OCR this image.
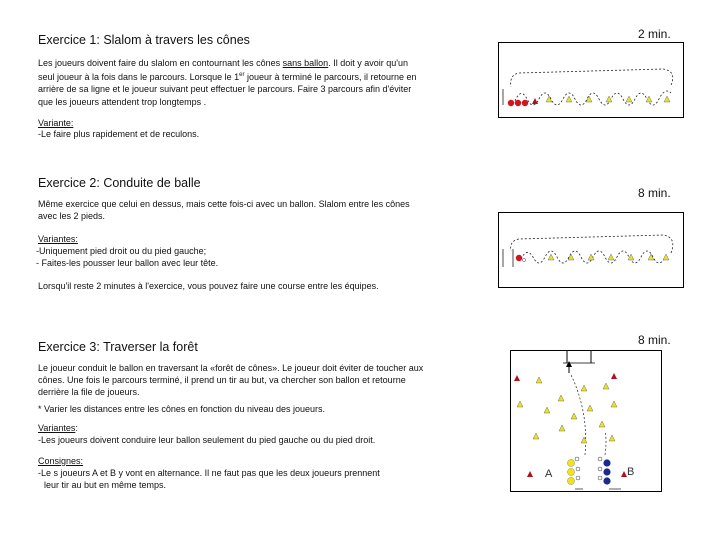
Exercice 1: Slalom à travers les cônes	2 min.
Les joueurs doivent faire du slalom en contournant les cônes sans ballon. Il doit y avoir qu'un seul joueur à la fois dans le parcours. Lorsque le 1er joueur à terminé le parcours, il retourne en arrière de sa ligne et le joueur suivant peut effectuer le parcours. Faire 3 parcours afin d'éviter que les joueurs attendent trop longtemps .
Variante:
-Le faire plus rapidement et de reculons.
Exercice 2: Conduite de balle
8 min.
Même exercice que celui en dessus, mais cette fois-ci avec un ballon. Slalom entre les cônes avec les 2 pieds.
Variantes:
-Uniquement pied droit ou du pied gauche;
- Faites-les pousser leur ballon avec leur tête.
Lorsqu'il reste 2 minutes à l'exercice, vous pouvez faire une course entre les équipes.
Exercice 3: Traverser la forêt	8 min.
Le joueur conduit le ballon en traversant la «forêt de cônes». Le joueur doit éviter de toucher aux cônes. Une fois le parcours terminé, il prend un tir au but, va chercher son ballon et retourne derrière la file de joueurs.
* Varier les distances entre les cônes en fonction du niveau des joueurs.
Variantes:
-Les joueurs doivent conduire leur ballon seulement du pied gauche ou du pied droit.
Consignes:
-Le s joueurs A et B y vont en alternance. Il ne faut pas que les deux joueurs prennent
leur tir au but en même temps.
A	B
